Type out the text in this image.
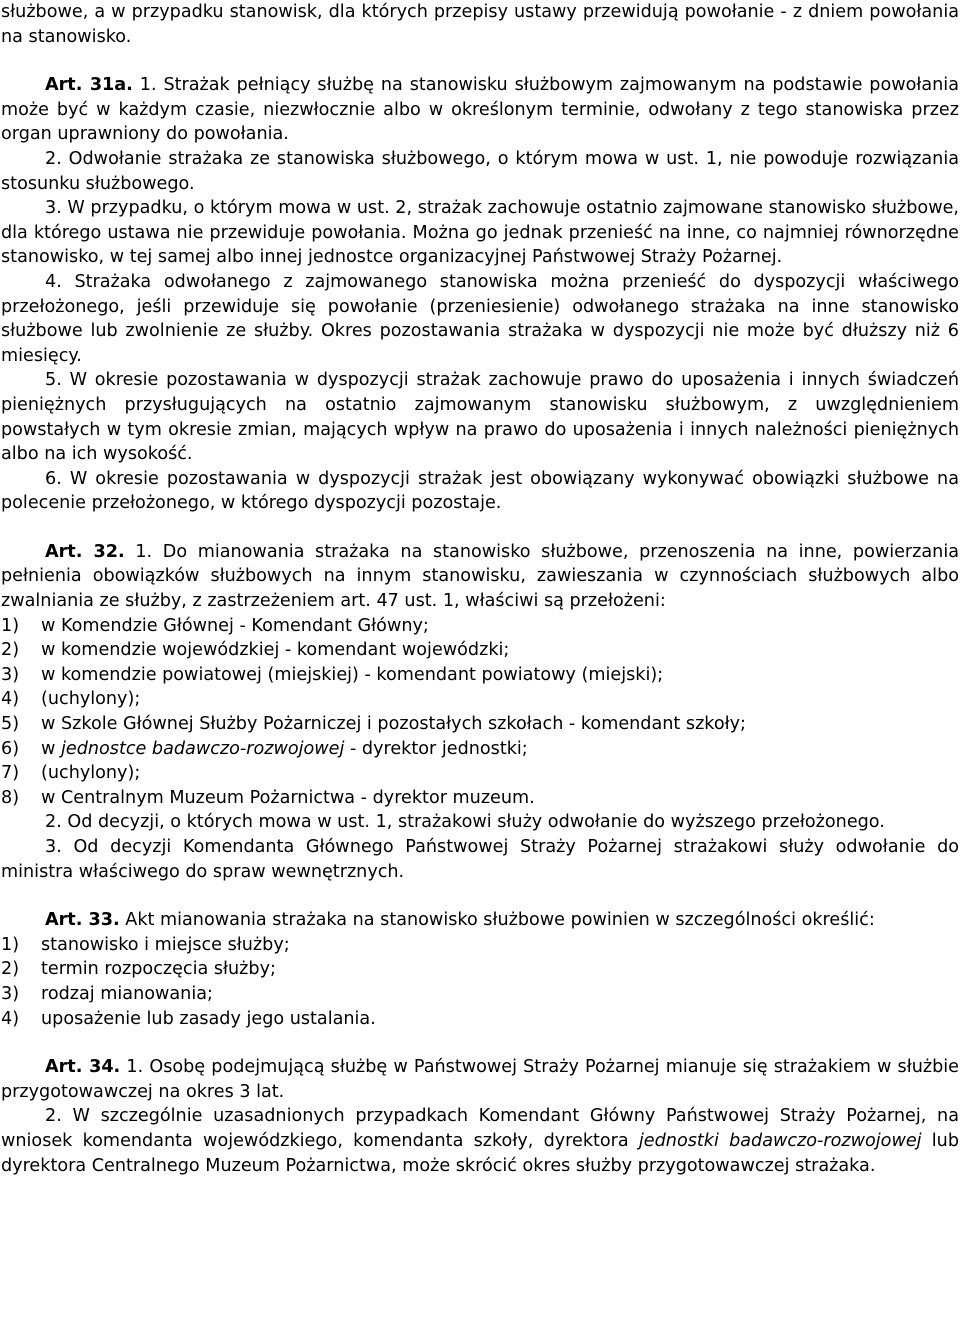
służbowe, a w przypadku stanowisk, dla których przepisy ustawy przewidują powołanie - z dniem powołania na stanowisko.

Art. 31a. 1. Strażak pełniący służbę na stanowisku służbowym zajmowanym na podstawie powołania może być w każdym czasie, niezwłocznie albo w określonym terminie, odwołany z tego stanowiska przez organ uprawniony do powołania.

2. Odwołanie strażaka ze stanowiska służbowego, o którym mowa w ust. 1, nie powoduje rozwiązania stosunku służbowego.

3. W przypadku, o którym mowa w ust. 2, strażak zachowuje ostatnio zajmowane stanowisko służbowe, dla którego ustawa nie przewiduje powołania. Można go jednak przenieść na inne, co najmniej równorzędne stanowisko, w tej samej albo innej jednostce organizacyjnej Państwowej Straży Pożarnej.

4. Strażaka odwołanego z zajmowanego stanowiska można przenieść do dyspozycji właściwego przełożonego, jeśli przewiduje się powołanie (przeniesienie) odwołanego strażaka na inne stanowisko służbowe lub zwolnienie ze służby. Okres pozostawania strażaka w dyspozycji nie może być dłuższy niż 6 miesięcy.

5. W okresie pozostawania w dyspozycji strażak zachowuje prawo do uposażenia i innych świadczeń pieniężnych przysługujących na ostatnio zajmowanym stanowisku służbowym, z uwzględnieniem powstałych w tym okresie zmian, mających wpływ na prawo do uposażenia i innych należności pieniężnych albo na ich wysokość.

6. W okresie pozostawania w dyspozycji strażak jest obowiązany wykonywać obowiązki służbowe na polecenie przełożonego, w którego dyspozycji pozostaje.

Art. 32. 1. Do mianowania strażaka na stanowisko służbowe, przenoszenia na inne, powierzania pełnienia obowiązków służbowych na innym stanowisku, zawieszania w czynnościach służbowych albo zwalniania ze służby, z zastrzeżeniem art. 47 ust. 1, właściwi są przełożeni:

1)	w Komendzie Głównej - Komendant Główny;
2)	w komendzie wojewódzkiej - komendant wojewódzki;
3)	w komendzie powiatowej (miejskiej) - komendant powiatowy (miejski);
4)	(uchylony);
5)	w Szkole Głównej Służby Pożarniczej i pozostałych szkołach - komendant szkoły;
6)	w jednostce badawczo-rozwojowej - dyrektor jednostki;
7)	(uchylony);
8)	w Centralnym Muzeum Pożarnictwa - dyrektor muzeum.

2. Od decyzji, o których mowa w ust. 1, strażakowi służy odwołanie do wyższego przełożonego.

3. Od decyzji Komendanta Głównego Państwowej Straży Pożarnej strażakowi służy odwołanie do ministra właściwego do spraw wewnętrznych.

Art. 33. Akt mianowania strażaka na stanowisko służbowe powinien w szczególności określić:

1)	stanowisko i miejsce służby;
2)	termin rozpoczęcia służby;
3)	rodzaj mianowania;
4)	uposażenie lub zasady jego ustalania.

Art. 34. 1. Osobę podejmującą służbę w Państwowej Straży Pożarnej mianuje się strażakiem w służbie przygotowawczej na okres 3 lat.

2. W szczególnie uzasadnionych przypadkach Komendant Główny Państwowej Straży Pożarnej, na wniosek komendanta wojewódzkiego, komendanta szkoły, dyrektora jednostki badawczo-rozwojowej lub dyrektora Centralnego Muzeum Pożarnictwa, może skrócić okres służby przygotowawczej strażaka.
